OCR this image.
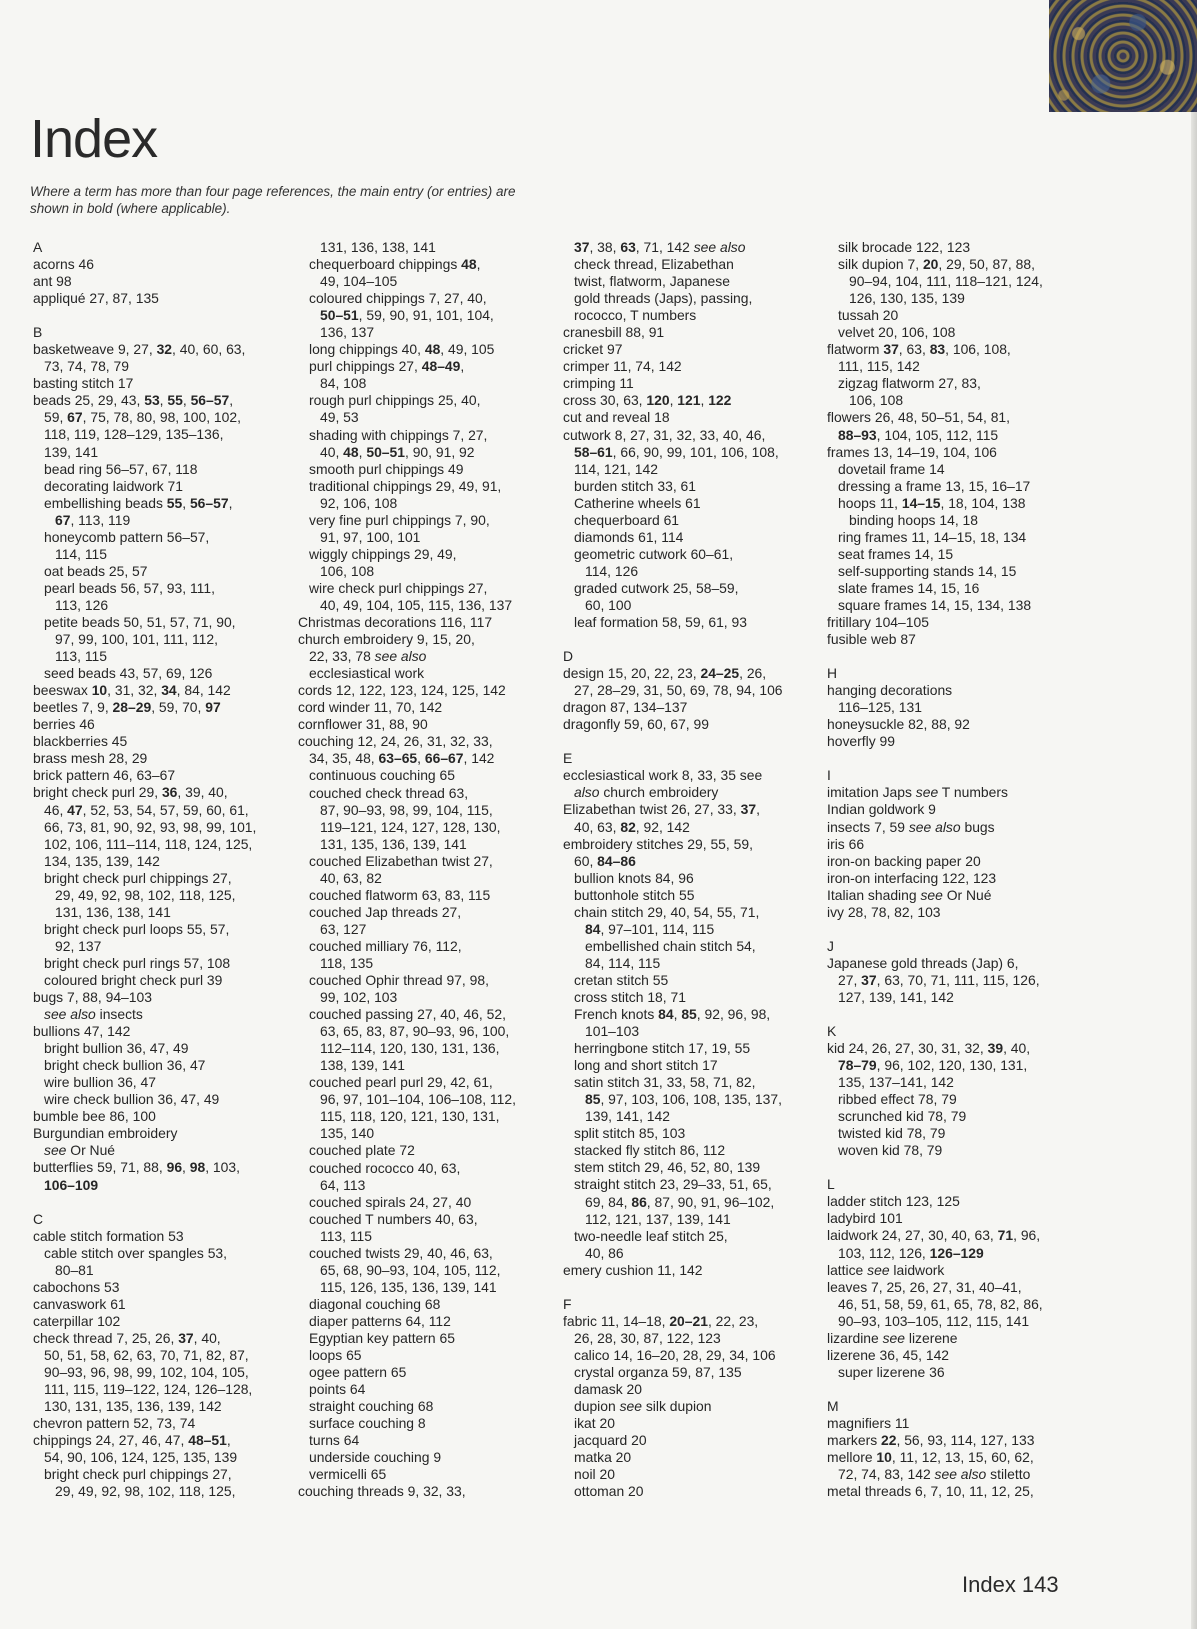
Index

Where a term has more than four page references, the main entry (or entries) are shown in bold (where applicable).

A
acorns 46
ant 98
appliqué 27, 87, 135
B
basketweave 9, 27, 32, 40, 60, 63,
73, 74, 78, 79
basting stitch 17
beads 25, 29, 43, 53, 55, 56–57,
59, 67, 75, 78, 80, 98, 100, 102,
118, 119, 128–129, 135–136,
139, 141
bead ring 56–57, 67, 118
decorating laidwork 71
embellishing beads 55, 56–57,
67, 113, 119
honeycomb pattern 56–57,
114, 115
oat beads 25, 57
pearl beads 56, 57, 93, 111,
113, 126
petite beads 50, 51, 57, 71, 90,
97, 99, 100, 101, 111, 112,
113, 115
seed beads 43, 57, 69, 126
beeswax 10, 31, 32, 34, 84, 142
beetles 7, 9, 28–29, 59, 70, 97
berries 46
blackberries 45
brass mesh 28, 29
brick pattern 46, 63–67
bright check purl 29, 36, 39, 40,
46, 47, 52, 53, 54, 57, 59, 60, 61,
66, 73, 81, 90, 92, 93, 98, 99, 101,
102, 106, 111–114, 118, 124, 125,
134, 135, 139, 142
bright check purl chippings 27,
29, 49, 92, 98, 102, 118, 125,
131, 136, 138, 141
bright check purl loops 55, 57,
92, 137
bright check purl rings 57, 108
coloured bright check purl 39
bugs 7, 88, 94–103
see also insects
bullions 47, 142
bright bullion 36, 47, 49
bright check bullion 36, 47
wire bullion 36, 47
wire check bullion 36, 47, 49
bumble bee 86, 100
Burgundian embroidery
see Or Nué
butterflies 59, 71, 88, 96, 98, 103,
106–109
C
cable stitch formation 53
cable stitch over spangles 53,
80–81
cabochons 53
canvaswork 61
caterpillar 102
check thread 7, 25, 26, 37, 40,
50, 51, 58, 62, 63, 70, 71, 82, 87,
90–93, 96, 98, 99, 102, 104, 105,
111, 115, 119–122, 124, 126–128,
130, 131, 135, 136, 139, 142
chevron pattern 52, 73, 74
chippings 24, 27, 46, 47, 48–51,
54, 90, 106, 124, 125, 135, 139
bright check purl chippings 27,
29, 49, 92, 98, 102, 118, 125,
131, 136, 138, 141
chequerboard chippings 48,
49, 104–105
coloured chippings 7, 27, 40,
50–51, 59, 90, 91, 101, 104,
136, 137
long chippings 40, 48, 49, 105
purl chippings 27, 48–49,
84, 108
rough purl chippings 25, 40,
49, 53
shading with chippings 7, 27,
40, 48, 50–51, 90, 91, 92
smooth purl chippings 49
traditional chippings 29, 49, 91,
92, 106, 108
very fine purl chippings 7, 90,
91, 97, 100, 101
wiggly chippings 29, 49,
106, 108
wire check purl chippings 27,
40, 49, 104, 105, 115, 136, 137
Christmas decorations 116, 117
church embroidery 9, 15, 20,
22, 33, 78 see also
ecclesiastical work
cords 12, 122, 123, 124, 125, 142
cord winder 11, 70, 142
cornflower 31, 88, 90
couching 12, 24, 26, 31, 32, 33,
34, 35, 48, 63–65, 66–67, 142
continuous couching 65
couched check thread 63,
87, 90–93, 98, 99, 104, 115,
119–121, 124, 127, 128, 130,
131, 135, 136, 139, 141
couched Elizabethan twist 27,
40, 63, 82
couched flatworm 63, 83, 115
couched Jap threads 27,
63, 127
couched milliary 76, 112,
118, 135
couched Ophir thread 97, 98,
99, 102, 103
couched passing 27, 40, 46, 52,
63, 65, 83, 87, 90–93, 96, 100,
112–114, 120, 130, 131, 136,
138, 139, 141
couched pearl purl 29, 42, 61,
96, 97, 101–104, 106–108, 112,
115, 118, 120, 121, 130, 131,
135, 140
couched plate 72
couched rococco 40, 63,
64, 113
couched spirals 24, 27, 40
couched T numbers 40, 63,
113, 115
couched twists 29, 40, 46, 63,
65, 68, 90–93, 104, 105, 112,
115, 126, 135, 136, 139, 141
diagonal couching 68
diaper patterns 64, 112
Egyptian key pattern 65
loops 65
ogee pattern 65
points 64
straight couching 68
surface couching 8
turns 64
underside couching 9
vermicelli 65
couching threads 9, 32, 33,
37, 38, 63, 71, 142 see also
check thread, Elizabethan
twist, flatworm, Japanese
gold threads (Japs), passing,
rococco, T numbers
cranesbill 88, 91
cricket 97
crimper 11, 74, 142
crimping 11
cross 30, 63, 120, 121, 122
cut and reveal 18
cutwork 8, 27, 31, 32, 33, 40, 46,
58–61, 66, 90, 99, 101, 106, 108,
114, 121, 142
burden stitch 33, 61
Catherine wheels 61
chequerboard 61
diamonds 61, 114
geometric cutwork 60–61,
114, 126
graded cutwork 25, 58–59,
60, 100
leaf formation 58, 59, 61, 93
D
design 15, 20, 22, 23, 24–25, 26,
27, 28–29, 31, 50, 69, 78, 94, 106
dragon 87, 134–137
dragonfly 59, 60, 67, 99
E
ecclesiastical work 8, 33, 35 see
also church embroidery
Elizabethan twist 26, 27, 33, 37,
40, 63, 82, 92, 142
embroidery stitches 29, 55, 59,
60, 84–86
bullion knots 84, 96
buttonhole stitch 55
chain stitch 29, 40, 54, 55, 71,
84, 97–101, 114, 115
embellished chain stitch 54,
84, 114, 115
cretan stitch 55
cross stitch 18, 71
French knots 84, 85, 92, 96, 98,
101–103
herringbone stitch 17, 19, 55
long and short stitch 17
satin stitch 31, 33, 58, 71, 82,
85, 97, 103, 106, 108, 135, 137,
139, 141, 142
split stitch 85, 103
stacked fly stitch 86, 112
stem stitch 29, 46, 52, 80, 139
straight stitch 23, 29–33, 51, 65,
69, 84, 86, 87, 90, 91, 96–102,
112, 121, 137, 139, 141
two-needle leaf stitch 25,
40, 86
emery cushion 11, 142
F
fabric 11, 14–18, 20–21, 22, 23,
26, 28, 30, 87, 122, 123
calico 14, 16–20, 28, 29, 34, 106
crystal organza 59, 87, 135
damask 20
dupion see silk dupion
ikat 20
jacquard 20
matka 20
noil 20
ottoman 20
silk brocade 122, 123
silk dupion 7, 20, 29, 50, 87, 88,
90–94, 104, 111, 118–121, 124,
126, 130, 135, 139
tussah 20
velvet 20, 106, 108
flatworm 37, 63, 83, 106, 108,
111, 115, 142
zigzag flatworm 27, 83,
106, 108
flowers 26, 48, 50–51, 54, 81,
88–93, 104, 105, 112, 115
frames 13, 14–19, 104, 106
dovetail frame 14
dressing a frame 13, 15, 16–17
hoops 11, 14–15, 18, 104, 138
binding hoops 14, 18
ring frames 11, 14–15, 18, 134
seat frames 14, 15
self-supporting stands 14, 15
slate frames 14, 15, 16
square frames 14, 15, 134, 138
fritillary 104–105
fusible web 87
H
hanging decorations
116–125, 131
honeysuckle 82, 88, 92
hoverfly 99
I
imitation Japs see T numbers
Indian goldwork 9
insects 7, 59 see also bugs
iris 66
iron-on backing paper 20
iron-on interfacing 122, 123
Italian shading see Or Nué
ivy 28, 78, 82, 103
J
Japanese gold threads (Jap) 6,
27, 37, 63, 70, 71, 111, 115, 126,
127, 139, 141, 142
K
kid 24, 26, 27, 30, 31, 32, 39, 40,
78–79, 96, 102, 120, 130, 131,
135, 137–141, 142
ribbed effect 78, 79
scrunched kid 78, 79
twisted kid 78, 79
woven kid 78, 79
L
ladder stitch 123, 125
ladybird 101
laidwork 24, 27, 30, 40, 63, 71, 96,
103, 112, 126, 126–129
lattice see laidwork
leaves 7, 25, 26, 27, 31, 40–41,
46, 51, 58, 59, 61, 65, 78, 82, 86,
90–93, 103–105, 112, 115, 141
lizardine see lizerene
lizerene 36, 45, 142
super lizerene 36
M
magnifiers 11
markers 22, 56, 93, 114, 127, 133
mellore 10, 11, 12, 13, 15, 60, 62,
72, 74, 83, 142 see also stiletto
metal threads 6, 7, 10, 11, 12, 25,

Index 143
